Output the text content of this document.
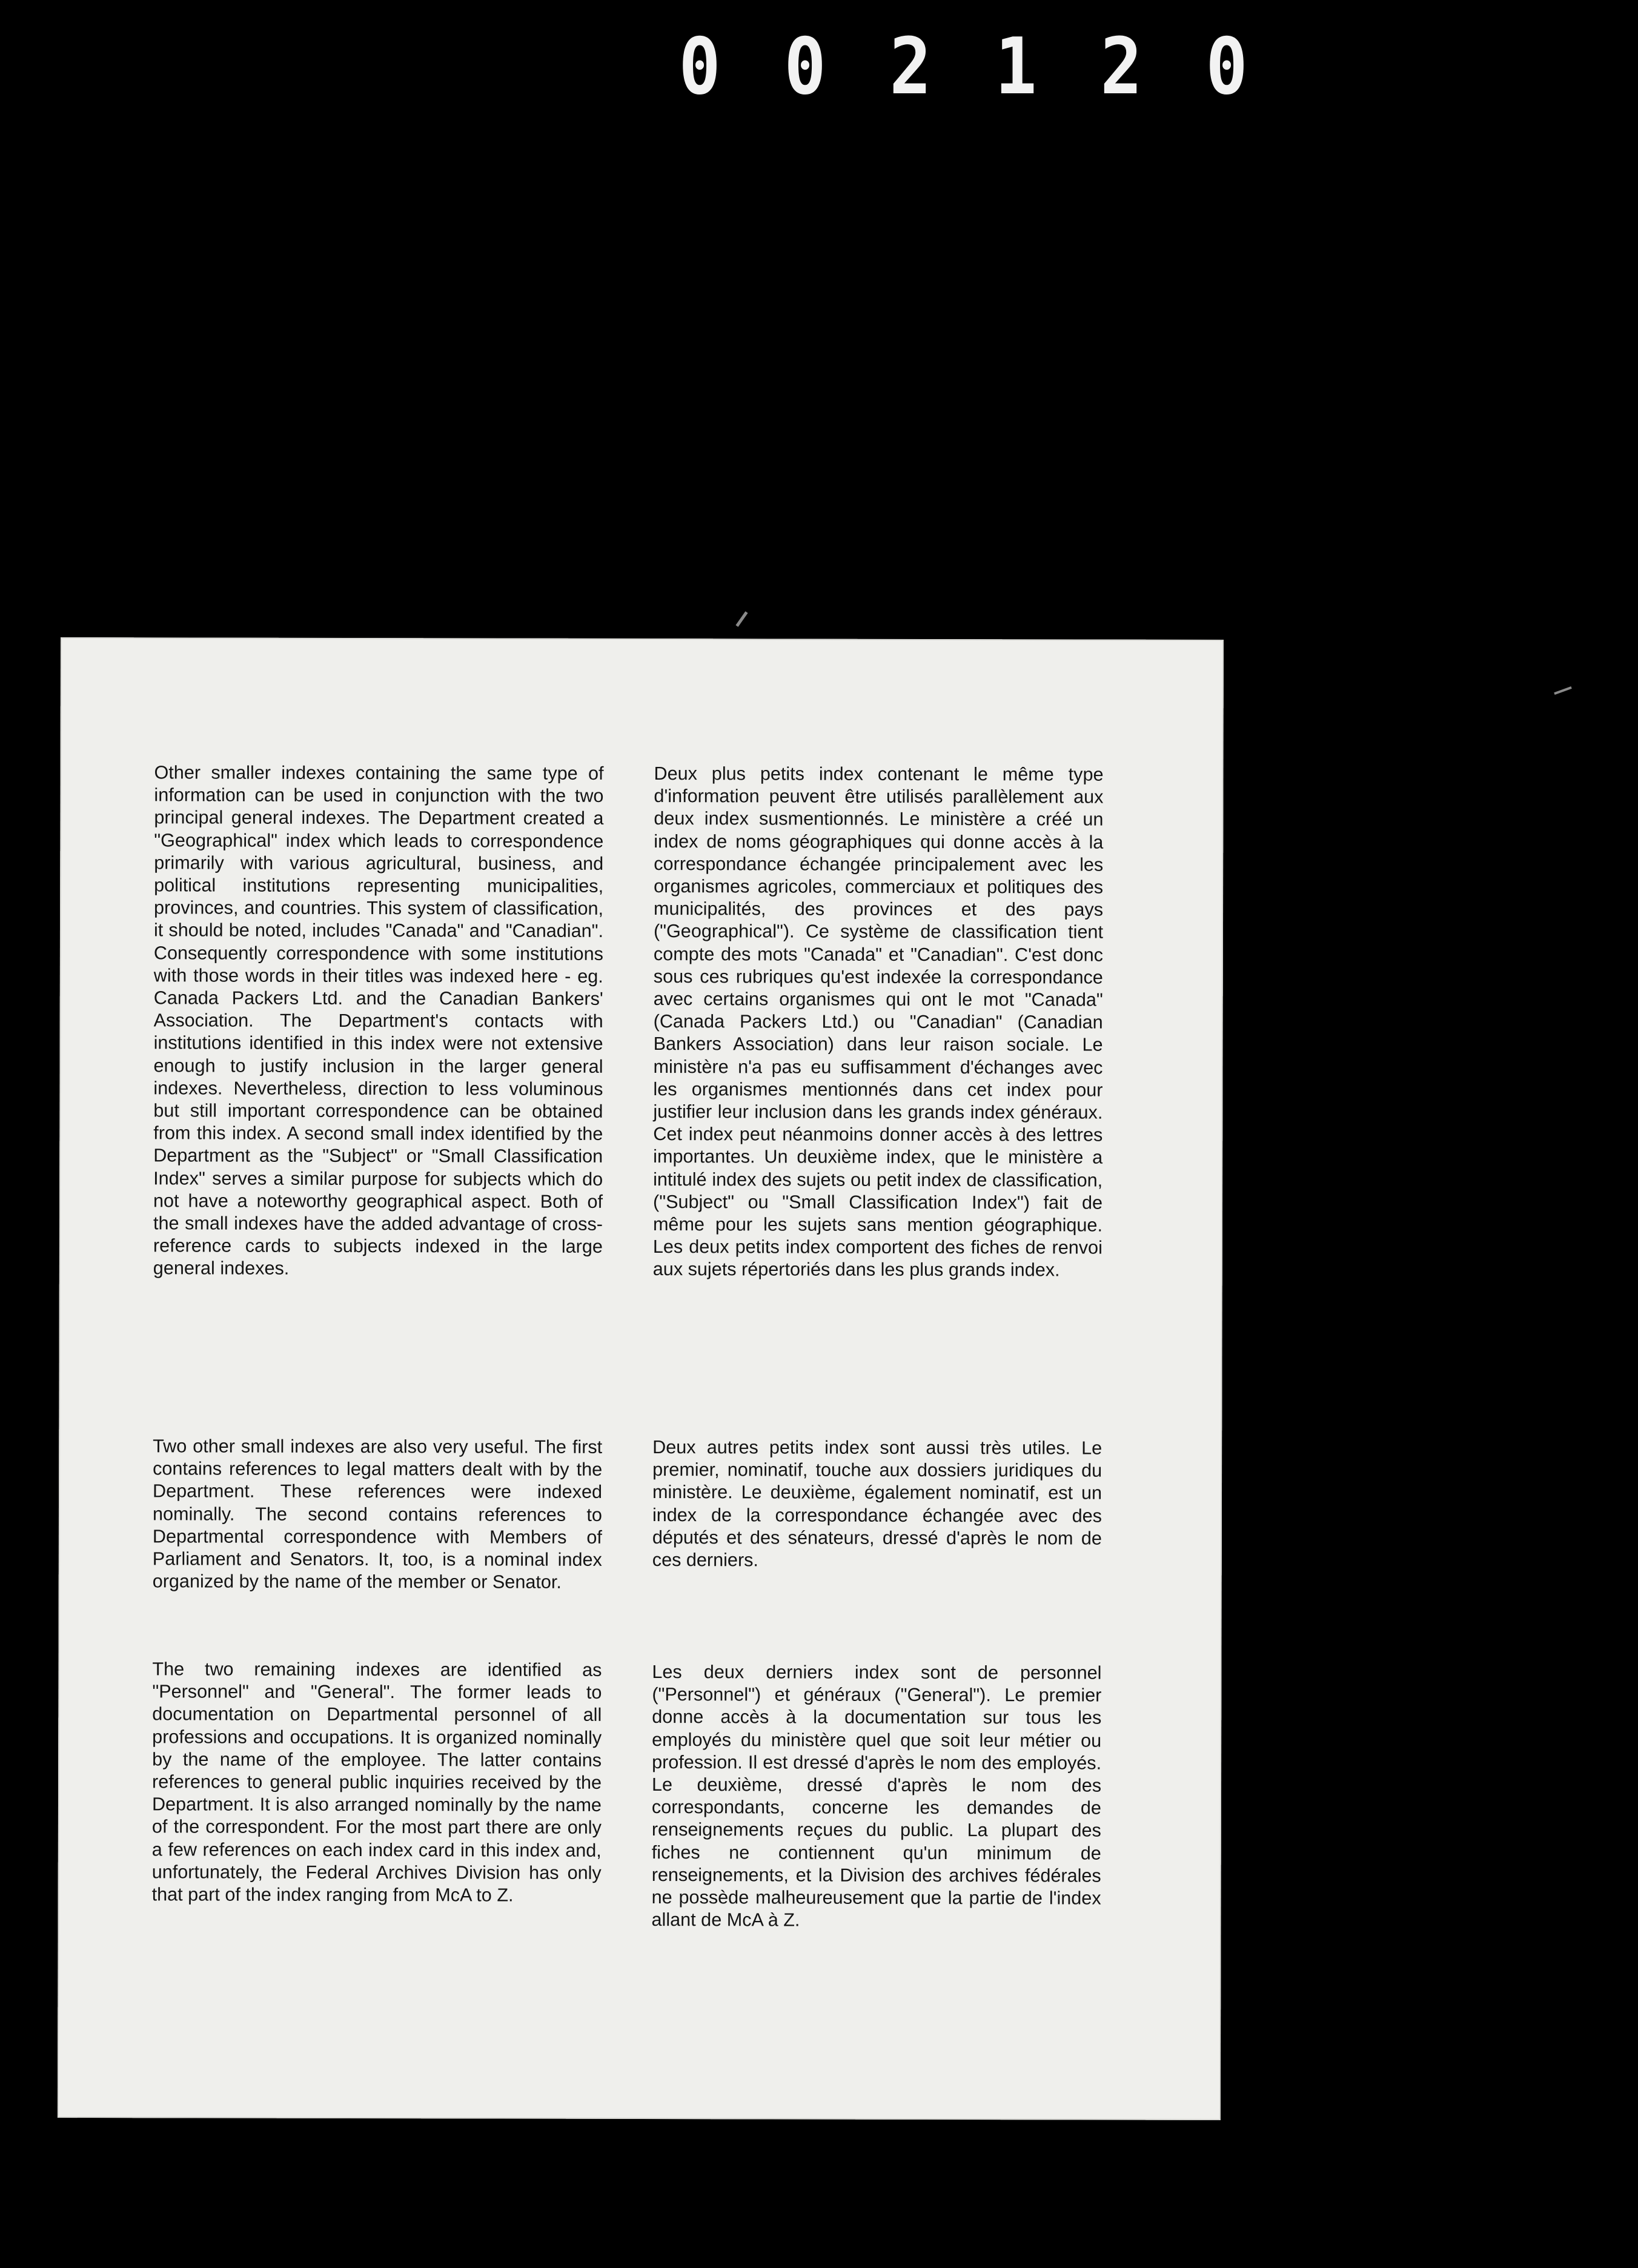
0 0 2 1 2 0

Other smaller indexes containing the same type of information can be used in conjunction with the two principal general indexes. The Department created a "Geographical" index which leads to correspondence primarily with various agricultural, business, and political institutions representing municipalities, provinces, and countries. This system of classification, it should be noted, includes "Canada" and "Canadian". Consequently correspondence with some institutions with those words in their titles was indexed here - eg. Canada Packers Ltd. and the Canadian Bankers' Association. The Department's contacts with institutions identified in this index were not extensive enough to justify inclusion in the larger general indexes. Nevertheless, direction to less voluminous but still important correspondence can be obtained from this index. A second small index identified by the Department as the "Subject" or "Small Classification Index" serves a similar purpose for subjects which do not have a noteworthy geographical aspect. Both of the small indexes have the added advantage of cross-reference cards to subjects indexed in the large general indexes.

Two other small indexes are also very useful. The first contains references to legal matters dealt with by the Department. These references were indexed nominally. The second contains references to Departmental correspondence with Members of Parliament and Senators. It, too, is a nominal index organized by the name of the member or Senator.

The two remaining indexes are identified as "Personnel" and "General". The former leads to documentation on Departmental personnel of all professions and occupations. It is organized nominally by the name of the employee. The latter contains references to general public inquiries received by the Department. It is also arranged nominally by the name of the correspondent. For the most part there are only a few references on each index card in this index and, unfortunately, the Federal Archives Division has only that part of the index ranging from McA to Z.

Deux plus petits index contenant le même type d'information peuvent être utilisés parallèlement aux deux index susmentionnés. Le ministère a créé un index de noms géographiques qui donne accès à la correspondance échangée principalement avec les organismes agricoles, commerciaux et politiques des municipalités, des provinces et des pays ("Geographical"). Ce système de classification tient compte des mots "Canada" et "Canadian". C'est donc sous ces rubriques qu'est indexée la correspondance avec certains organismes qui ont le mot "Canada" (Canada Packers Ltd.) ou "Canadian" (Canadian Bankers Association) dans leur raison sociale. Le ministère n'a pas eu suffisamment d'échanges avec les organismes mentionnés dans cet index pour justifier leur inclusion dans les grands index généraux. Cet index peut néanmoins donner accès à des lettres importantes. Un deuxième index, que le ministère a intitulé index des sujets ou petit index de classification, ("Subject" ou "Small Classification Index") fait de même pour les sujets sans mention géographique. Les deux petits index comportent des fiches de renvoi aux sujets répertoriés dans les plus grands index.

Deux autres petits index sont aussi très utiles. Le premier, nominatif, touche aux dossiers juridiques du ministère. Le deuxième, également nominatif, est un index de la correspondance échangée avec des députés et des sénateurs, dressé d'après le nom de ces derniers.

Les deux derniers index sont de personnel ("Personnel") et généraux ("General"). Le premier donne accès à la documentation sur tous les employés du ministère quel que soit leur métier ou profession. Il est dressé d'après le nom des employés. Le deuxième, dressé d'après le nom des correspondants, concerne les demandes de renseignements reçues du public. La plupart des fiches ne contiennent qu'un minimum de renseignements, et la Division des archives fédérales ne possède malheureusement que la partie de l'index allant de McA à Z.
